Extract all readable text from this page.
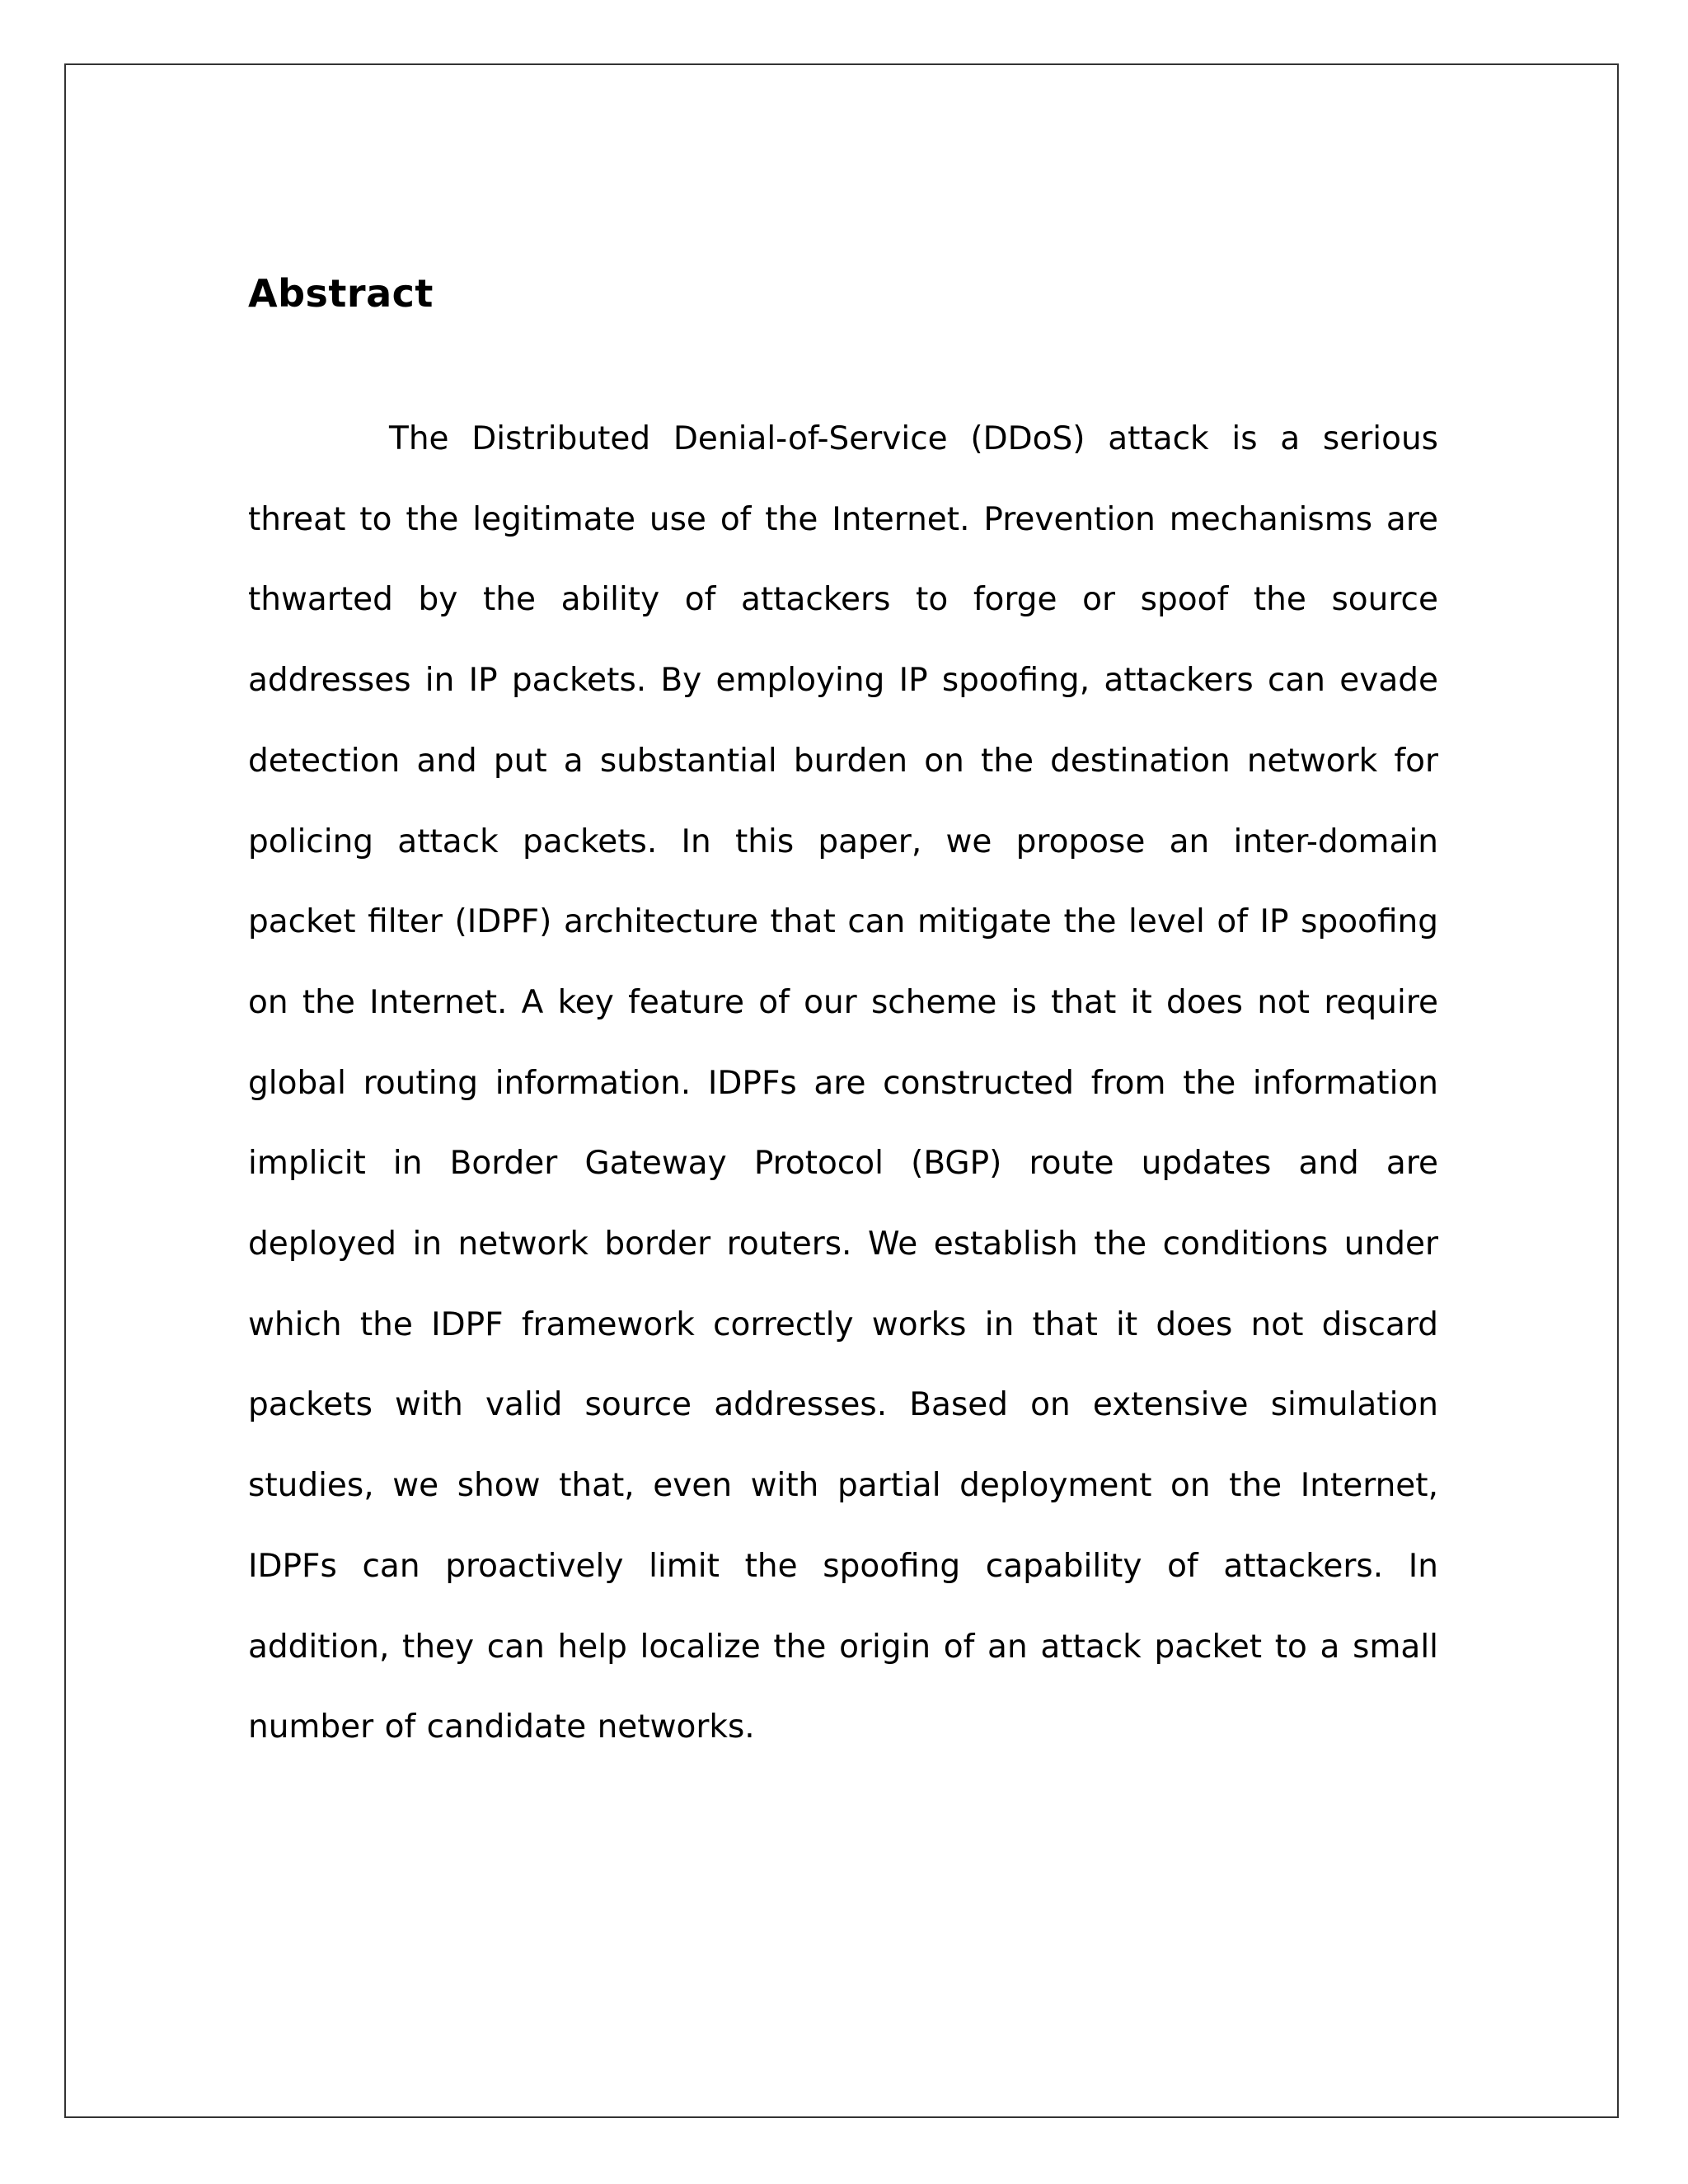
Abstract

The Distributed Denial-of-Service (DDoS) attack is a serious threat to the legitimate use of the Internet. Prevention mechanisms are thwarted by the ability of attackers to forge or spoof the source addresses in IP packets. By employing IP spoofing, attackers can evade detection and put a substantial burden on the destination network for policing attack packets. In this paper, we propose an inter-domain packet filter (IDPF) architecture that can mitigate the level of IP spoofing on the Internet. A key feature of our scheme is that it does not require global routing information. IDPFs are constructed from the information implicit in Border Gateway Protocol (BGP) route updates and are deployed in network border routers. We establish the conditions under which the IDPF framework correctly works in that it does not discard packets with valid source addresses. Based on extensive simulation studies, we show that, even with partial deployment on the Internet, IDPFs can proactively limit the spoofing capability of attackers. In addition, they can help localize the origin of an attack packet to a small number of candidate networks.
